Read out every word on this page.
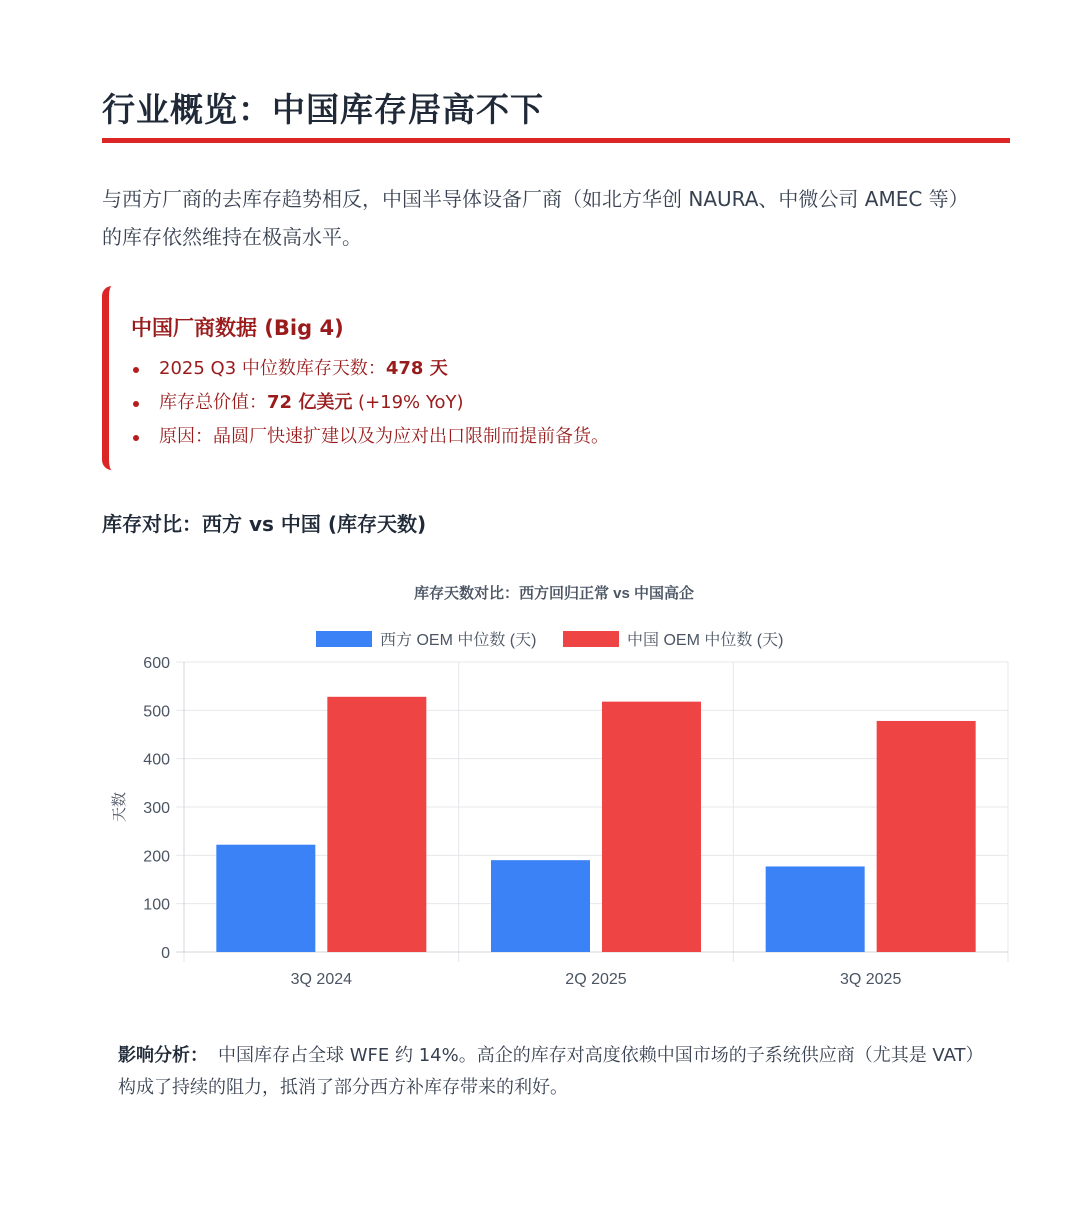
行业概览：中国库存居高不下
与西方厂商的去库存趋势相反，中国半导体设备厂商（如北方华创 NAURA、中微公司 AMEC 等）的库存依然维持在极高水平。
中国厂商数据 (Big 4)
2025 Q3 中位数库存天数：478 天
库存总价值：72 亿美元 (+19% YoY)
原因：晶圆厂快速扩建以及为应对出口限制而提前备货。
库存对比：西方 vs 中国 (库存天数)
库存天数对比：西方回归正常 vs 中国高企
西方 OEM 中位数 (天)	中国 OEM 中位数 (天)
0
100
200
300
400
500
600
天数
3Q 2024	2Q 2025	3Q 2025
影响分析： 中国库存占全球 WFE 约 14%。高企的库存对高度依赖中国市场的子系统供应商（尤其是 VAT）构成了持续的阻力，抵消了部分西方补库存带来的利好。
